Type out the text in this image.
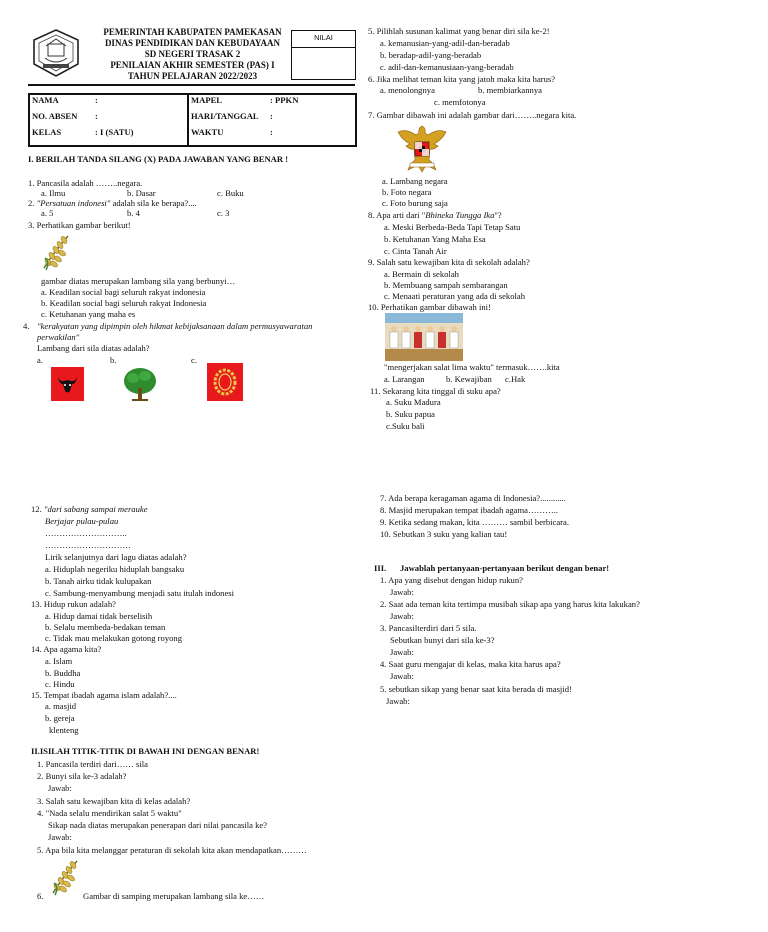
PEMERINTAH KABUPATEN PAMEKASAN
DINAS PENDIDIKAN DAN KEBUDAYAAN
SD NEGERI TRASAK 2
PENILAIAN AKHIR SEMESTER (PAS) I
TAHUN PELAJARAN 2022/2023
NILAI
NAMA	:
NO. ABSEN :
KELAS	: I (SATU)
MAPEL	: PPKN
HARI/TANGGAL :
WAKTU	:
I. BERILAH TANDA SILANG (X) PADA JAWABAN YANG BENAR !
1. Pancasila adalah ……..negara.
a. Ilmu	b. Dasar	c. Buku
2. "Persatuan indonesi" adalah sila ke berapa?....
a. 5	b. 4	c. 3
3. Perhatikan gambar berikut!
gambar diatas merupakan lambang sila yang berbunyi…
a. Keadilan social bagi seluruh rakyat indonesia
b. Keadilan social bagi seluruh rakyat Indonesia
c. Ketuhanan yang maha es
4. "kerakyatan yang dipimpin oleh hikmat kebijaksanaan dalam permusyawaratan
perwakilan"
Lambang dari sila diatas adalah?
a.	b.	c.
5. Pilihlah susunan kalimat yang benar diri sila ke-2!
a. kemanusian-yang-adil-dan-beradab
b. beradap-adil-yang-beradab
c. adil-dan-kemanusiaan-yang-beradab
6. Jika melihat teman kita yang jatoh maka kita harus?
a. menolongnya	b. membiarkannya
c. memfotonya
7. Gambar dibawah ini adalah gambar dari……..negara kita.
a. Lambang negara
b. Foto negara
c. Foto burung saja
8. Apa arti dari "Bhineka Tungga Ika"?
a. Meski Berbeda-Beda Tapi Tetap Satu
b. Ketuhanan Yang Maha Esa
c. Cinta Tanah Air
9. Salah satu kewajiban kita di sekolah adalah?
a. Bermain di sekolah
b. Membuang sampah sembarangan
c. Menaati peraturan yang ada di sekolah
10. Perhatikan gambar dibawah ini!
"mengerjakan salat lima waktu" termasuk…….kita
a. Larangan b. Kewajiban c.Hak
11. Sekarang kita tinggal di suku apa?
a. Suku Madura
b. Suku papua
c.Suku bali
12. "dari sabang sampai merauke
Berjajar pulau-pulau
………………………..
…………………………
Lirik selanjutnya dari lagu diatas adalah?
a. Hiduplah negeriku hiduplah bangsaku
b. Tanah airku tidak kulupakan
c. Sambung-menyambung menjadi satu itulah indonesi
13. Hidup rukun adalah?
a. Hidup damai tidak berselisih
b. Selalu membeda-bedakan teman
c. Tidak mau melakukan gotong royong
14. Apa agama kita?
a. Islam
b. Buddha
c. Hindu
15. Tempat ibadah agama islam adalah?....
a. masjid
b. gereja
klenteng
II.ISILAH TITIK-TITIK DI BAWAH INI DENGAN BENAR!
1. Pancasila terdiri dari…… sila
2. Bunyi sila ke-3 adalah?
Jawab:
3. Salah satu kewajiban kita di kelas adalah?
4. "Nada selalu mendirikan salat 5 waktu"
Sikap nada diatas merupakan penerapan dari nilai pancasila ke?
Jawab:
5. Apa bila kita melanggar peraturan di sekolah kita akan mendapatkan………
6.	Gambar di samping merupakan lambang sila ke……
7. Ada berapa keragaman agama di Indonesia?............
8. Masjid merupakan tempat ibadah agama………..
9. Ketika sedang makan, kita ……… sambil berbicara.
10. Sebutkan 3 suku yang kalian tau!
III. Jawablah pertanyaan-pertanyaan berikut dengan benar!
1. Apa yang disebut dengan hidup rukun?
Jawab:
2. Saat ada teman kita tertimpa musibah sikap apa yang harus kita lakukan?
Jawab:
3. Pancasilterdiri dari 5 sila.
Sebutkan bunyi dari sila ke-3?
Jawab:
4. Saat guru mengajar di kelas, maka kita harus apa?
Jawab:
5. sebutkan sikap yang benar saat kita berada di masjid!
Jawab:
